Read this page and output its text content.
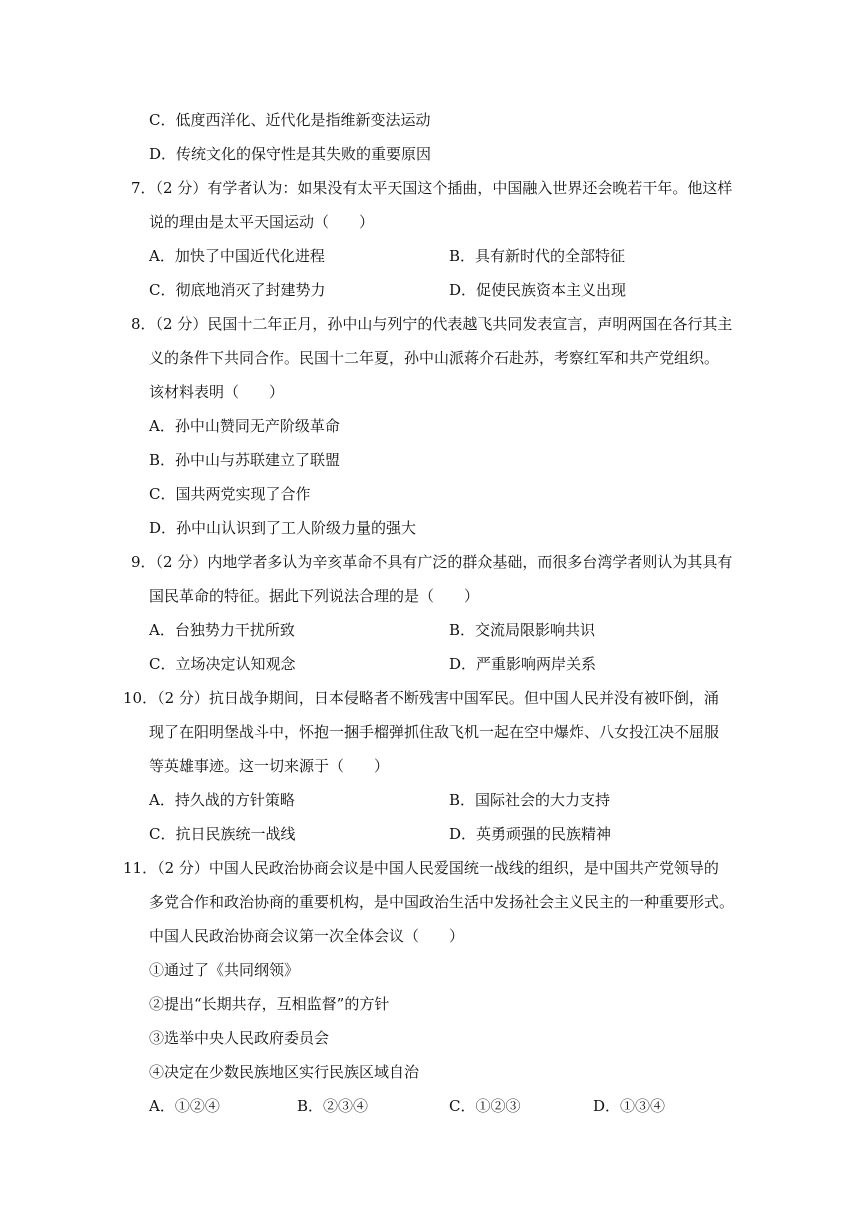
C．低度西洋化、近代化是指维新变法运动
D．传统文化的保守性是其失败的重要原因
7．（2 分）有学者认为：如果没有太平天国这个插曲，中国融入世界还会晚若干年。他这样
说的理由是太平天国运动（　　）
A．加快了中国近代化进程	B．具有新时代的全部特征
C．彻底地消灭了封建势力	D．促使民族资本主义出现
8．（2 分）民国十二年正月，孙中山与列宁的代表越飞共同发表宣言，声明两国在各行其主
义的条件下共同合作。民国十二年夏，孙中山派蒋介石赴苏，考察红军和共产党组织。
该材料表明（　　）
A．孙中山赞同无产阶级革命
B．孙中山与苏联建立了联盟
C．国共两党实现了合作
D．孙中山认识到了工人阶级力量的强大
9．（2 分）内地学者多认为辛亥革命不具有广泛的群众基础，而很多台湾学者则认为其具有
国民革命的特征。据此下列说法合理的是（　　）
A．台独势力干扰所致	B．交流局限影响共识
C．立场决定认知观念	D．严重影响两岸关系
10．（2 分）抗日战争期间，日本侵略者不断残害中国军民。但中国人民并没有被吓倒，涌
现了在阳明堡战斗中，怀抱一捆手榴弹抓住敌飞机一起在空中爆炸、八女投江决不屈服
等英雄事迹。这一切来源于（　　）
A．持久战的方针策略	B．国际社会的大力支持
C．抗日民族统一战线	D．英勇顽强的民族精神
11．（2 分）中国人民政治协商会议是中国人民爱国统一战线的组织，是中国共产党领导的
多党合作和政治协商的重要机构，是中国政治生活中发扬社会主义民主的一种重要形式。
中国人民政治协商会议第一次全体会议（　　）
①通过了《共同纲领》
②提出“长期共存，互相监督”的方针
③选举中央人民政府委员会
④决定在少数民族地区实行民族区域自治
A．①②④	B．②③④	C．①②③	D．①③④
